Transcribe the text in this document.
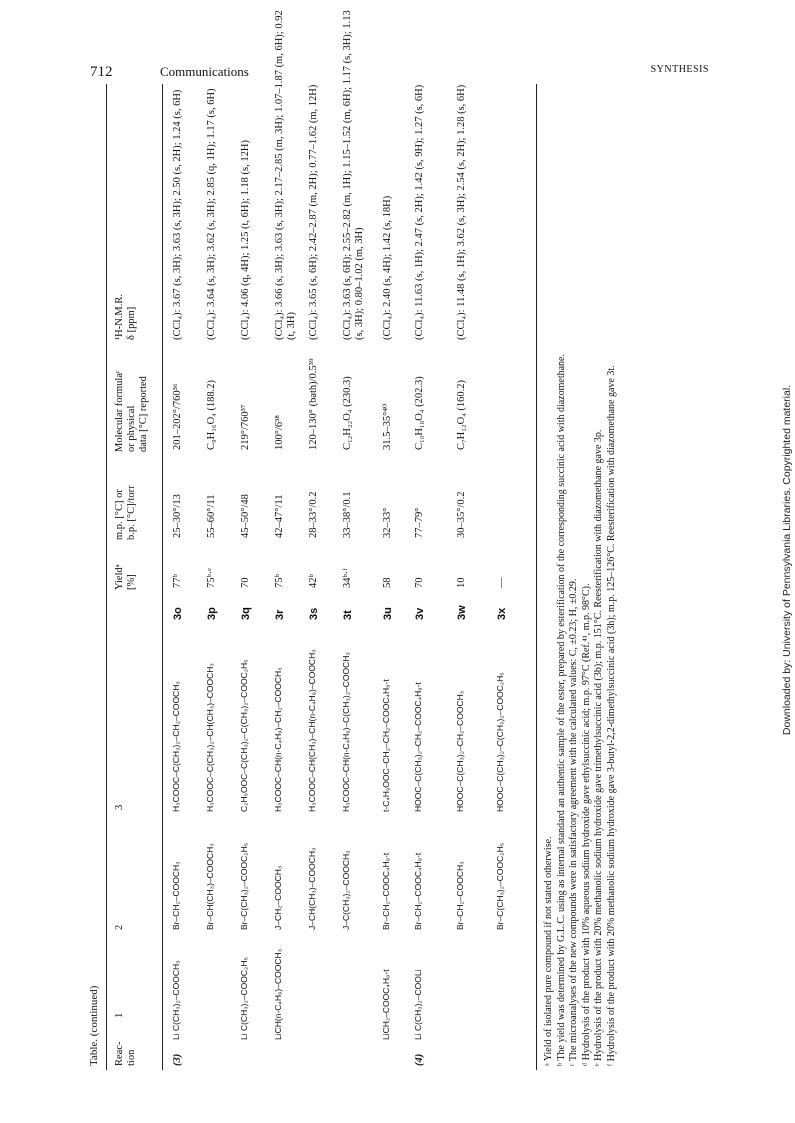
712	Communications	SYNTHESIS
Downloaded by: University of Pennsylvania Libraries. Copyrighted material.
Table. (continued) Reac-
tion
1
2
3
Yieldᵃ
[%]
m.p. [°C] or
b.p. [°C]/torr
Molecular formulaᶜ
or physical
data [°C] reported
¹H-N.M.R.
δ [ppm]
(3)
Li C(CH₃)₂–COOCH₃
Br–CH₂–COOCH₃
H₃COOC–C(CH₃)₂–CH₂–COOCH₃
3o
77ᵇ
25–30°/13
201–202°/760³⁶
(CCl₄): 3.67 (s, 3H); 3.63 (s, 3H); 2.50 (s, 2H); 1.24 (s, 6H)
Br–CH(CH₃)–COOCH₃
H₃COOC–C(CH₃)₂–CH(CH₃)–COOCH₃
3p
75ᵇ·ᵉ
55–60°/11
C₉H₁₆O₄ (188.2)
(CCl₄): 3.64 (s, 3H); 3.62 (s, 3H); 2.85 (q, 1H); 1.17 (s, 6H)
Li C(CH₃)₂–COOC₂H₅
Br–C(CH₃)₂–COOC₂H₅
C₂H₅OOC–C(CH₃)₂–C(CH₃)₂–COOC₂H₅
3q
70
45–50°/48
219°/760³⁷
(CCl₄): 4.06 (q, 4H); 1.25 (t, 6H); 1.18 (s, 12H)
LiCH(n-C₄H₉)–COOCH₃
J–CH₂–COOCH₃
H₃COOC–CH(n-C₄H₉)–CH₂–COOCH₃
3r
75ᵇ
42–47°/11
100°/6³⁸
(CCl₄): 3.66 (s, 3H); 3.63 (s, 3H); 2.17–2.85 (m, 3H); 1.07–1.87 (m, 6H); 0.92 (t, 3H)
J–CH(CH₃)–COOCH₃
H₃COOC–CH(CH₃)–CH(n-C₄H₉)–COOCH₃
3s
42ᵇ
28–33°/0.2
120–130° (bath)/0.5³⁹
(CCl₄): 3.65 (s, 6H); 2.42–2.87 (m, 2H); 0.77–1.62 (m, 12H)
J–C(CH₃)₂–COOCH₃
H₃COOC–CH(n-C₄H₉)–C(CH₃)₂–COOCH₃
3t
34ᵇ·ᶠ
33–38°/0.1
C₁₂H₂₂O₄ (230.3)
(CCl₄): 3.63 (s, 6H); 2.55–2.82 (m, 1H); 1.15–1.52 (m, 6H); 1.17 (s, 3H); 1.13 (s, 3H); 0.80–1.02 (m, 3H)
LiCH₂–COOC₄H₉-t
Br–CH₂–COOC₄H₉-t
t-C₄H₉OOC–CH₂–CH₂–COOC₄H₉-t
3u
58
32–33°
31.5–35°⁴⁰
(CCl₄): 2.40 (s, 4H); 1.42 (s, 18H)
(4)
Li C(CH₃)₂–COOLi
Br–CH₂–COOC₄H₉-t
HOOC–C(CH₃)₂–CH₂–COOC₄H₉-t
3v
70
77–79°
C₁₀H₁₈O₄ (202.3)
(CCl₄): 11.63 (s, 1H); 2.47 (s, 2H); 1.42 (s, 9H); 1.27 (s, 6H)
Br–CH₂–COOCH₃
HOOC–C(CH₃)₂–CH₂–COOCH₃
3w
10
30–35°/0.2
C₇H₁₂O₄ (160.2)
(CCl₄): 11.48 (s, 1H); 3.62 (s, 3H); 2.54 (s, 2H); 1.28 (s, 6H)
Br–C(CH₃)₂–COOC₂H₅
HOOC–C(CH₃)₂–C(CH₃)₂–COOC₂H₅
3x
—
ᵃ Yield of isolated pure compound if not stated otherwise. ᵇ The yield was determined by G.L.C. using as internal standard an authentic sample of the ester, prepared by esterification of the corresponding succinic acid with diazomethane. ᶜ The microanalyses of the new compounds were in satisfactory agreement with the calculated values: C, ±0.23; H, ±0.29. ᵈ Hydrolysis of the product with 10% aqueous sodium hydroxide gave ethylsuccinic acid; m.p. 97°C (Ref.⁴¹, m.p. 98°C). ᵉ Hydrolysis of the product with 20% methanolic sodium hydroxide gave trimethylsuccinic acid (3b); m.p. 151°C. Reesterification with diazomethane gave 3p. ᶠ Hydrolysis of the product with 20% methanolic sodium hydroxide gave 3-butyl-2,2-dimethylsuccinic acid (3h); m.p. 125–126°C. Reesterification with diazomethane gave 3t.
